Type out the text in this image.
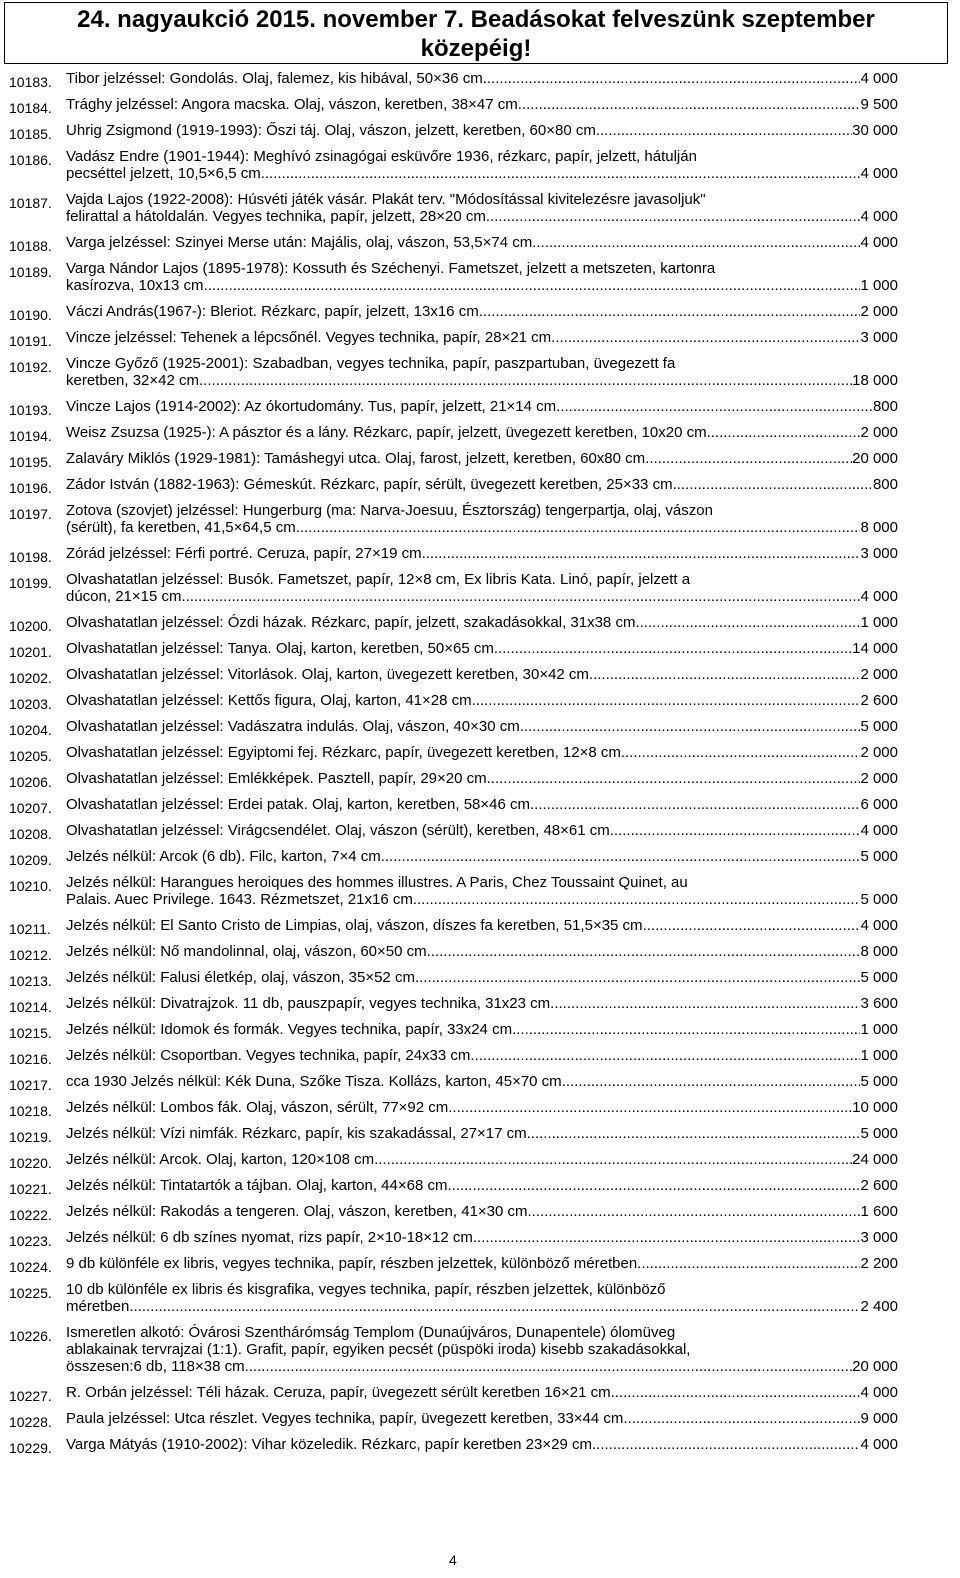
24. nagyaukció 2015. november 7. Beadásokat felveszünk szeptember
közepéig!
10183. Tibor jelzéssel: Gondolás. Olaj, falemez, kis hibával, 50×36 cm .....	4 000
10184. Trághy jelzéssel: Angora macska. Olaj, vászon, keretben, 38×47 cm. .....	9 500
10185. Uhrig Zsigmond (1919-1993): Őszi táj. Olaj, vászon, jelzett, keretben, 60×80 cm .....	30 000
10186. Vadász Endre (1901-1944): Meghívó zsinagógai esküvőre 1936, rézkarc, papír, jelzett, hátulján
pecséttel jelzett, 10,5×6,5 cm .....	4 000
10187. Vajda Lajos (1922-2008): Húsvéti játék vásár. Plakát terv. "Módosítással kivitelezésre javasoljuk"
felirattal a hátoldalán. Vegyes technika, papír, jelzett, 28×20 cm .....	4 000
10188. Varga jelzéssel: Szinyei Merse után: Majális, olaj, vászon, 53,5×74 cm .....	4 000
10189. Varga Nándor Lajos (1895-1978): Kossuth és Széchenyi. Fametszet, jelzett a metszeten, kartonra
kasírozva, 10x13 cm .....	1 000
10190. Váczi András(1967-): Bleriot. Rézkarc, papír, jelzett, 13x16 cm .....	2 000
10191. Vincze jelzéssel: Tehenek a lépcsőnél. Vegyes technika, papír, 28×21 cm .....	3 000
10192. Vincze Győző (1925-2001): Szabadban, vegyes technika, papír, paszpartuban, üvegezett fa
keretben, 32×42 cm .....	18 000
10193. Vincze Lajos (1914-2002): Az ókortudomány. Tus, papír, jelzett, 21×14 cm .....	800
10194. Weisz Zsuzsa (1925-): A pásztor és a lány. Rézkarc, papír, jelzett, üvegezett keretben, 10x20 cm .....	2 000
10195. Zalaváry Miklós (1929-1981): Tamáshegyi utca. Olaj, farost, jelzett, keretben, 60x80 cm .....	20 000
10196. Zádor István (1882-1963): Gémeskút. Rézkarc, papír, sérült, üvegezett keretben, 25×33 cm .....	800
10197. Zotova (szovjet) jelzéssel: Hungerburg (ma: Narva-Joesuu, Észtország) tengerpartja, olaj, vászon
(sérült), fa keretben, 41,5×64,5 cm .....	8 000
10198. Zórád jelzéssel: Férfi portré. Ceruza, papír, 27×19 cm .....	3 000
10199. Olvashatatlan jelzéssel: Busók. Fametszet, papír, 12×8 cm, Ex libris Kata. Linó, papír, jelzett a
dúcon, 21×15 cm .....	4 000
10200. Olvashatatlan jelzéssel: Ózdi házak. Rézkarc, papír, jelzett, szakadásokkal, 31x38 cm .....	1 000
10201. Olvashatatlan jelzéssel: Tanya. Olaj, karton, keretben, 50×65 cm .....	14 000
10202. Olvashatatlan jelzéssel: Vitorlások. Olaj, karton, üvegezett keretben, 30×42 cm .....	2 000
10203. Olvashatatlan jelzéssel: Kettős figura, Olaj, karton, 41×28 cm .....	2 600
10204. Olvashatatlan jelzéssel: Vadászatra indulás. Olaj, vászon, 40×30 cm .....	5 000
10205. Olvashatatlan jelzéssel: Egyiptomi fej. Rézkarc, papír, üvegezett keretben, 12×8 cm .....	2 000
10206. Olvashatatlan jelzéssel: Emlékképek. Pasztell, papír, 29×20 cm .....	2 000
10207. Olvashatatlan jelzéssel: Erdei patak. Olaj, karton, keretben, 58×46 cm .....	6 000
10208. Olvashatatlan jelzéssel: Virágcsendélet. Olaj, vászon (sérült), keretben, 48×61 cm .....	4 000
10209. Jelzés nélkül: Arcok (6 db). Filc, karton, 7×4 cm .....	5 000
10210. Jelzés nélkül: Harangues heroiques des hommes illustres. A Paris, Chez Toussaint Quinet, au
Palais. Auec Privilege. 1643. Rézmetszet, 21x16 cm .....	5 000
10211.	Jelzés nélkül: El Santo Cristo de Limpias, olaj, vászon, díszes fa keretben, 51,5×35 cm .....	4 000
10212. Jelzés nélkül: Nő mandolinnal, olaj, vászon, 60×50 cm .....	8 000
10213. Jelzés nélkül: Falusi életkép, olaj, vászon, 35×52 cm .....	5 000
10214. Jelzés nélkül: Divatrajzok. 11 db, pauszpapír, vegyes technika, 31x23 cm .....	3 600
10215. Jelzés nélkül: Idomok és formák. Vegyes technika, papír, 33x24 cm .....	1 000
10216. Jelzés nélkül: Csoportban. Vegyes technika, papír, 24x33 cm .....	1 000
10217. cca 1930 Jelzés nélkül: Kék Duna, Szőke Tisza. Kollázs, karton, 45×70 cm .....	5 000
10218. Jelzés nélkül: Lombos fák. Olaj, vászon, sérült, 77×92 cm .....	10 000
10219. Jelzés nélkül: Vízi nimfák. Rézkarc, papír, kis szakadással, 27×17 cm .....	5 000
10220. Jelzés nélkül: Arcok. Olaj, karton, 120×108 cm .....	24 000
10221. Jelzés nélkül: Tintatartók a tájban. Olaj, karton, 44×68 cm .....	2 600
10222. Jelzés nélkül: Rakodás a tengeren. Olaj, vászon, keretben, 41×30 cm .....	1 600
10223. Jelzés nélkül: 6 db színes nyomat, rizs papír, 2×10-18×12 cm .....	3 000
10224. 9 db különféle ex libris, vegyes technika, papír, részben jelzettek, különböző méretben .....	2 200
10225. 10 db különféle ex libris és kisgrafika, vegyes technika, papír, részben jelzettek, különböző
méretben .....	2 400
10226. Ismeretlen alkotó: Óvárosi Szenthárómság Templom (Dunaújváros, Dunapentele) ólomüveg
ablakainak tervrajzai (1:1). Grafit, papír, egyiken pecsét (püspöki iroda) kisebb szakadásokkal,
összesen:6 db, 118×38 cm .....	20 000
10227. R. Orbán jelzéssel: Téli házak. Ceruza, papír, üvegezett sérült keretben 16×21 cm .....	4 000
10228. Paula jelzéssel: Utca részlet. Vegyes technika, papír, üvegezett keretben, 33×44 cm .....	9 000
10229. Varga Mátyás (1910-2002): Vihar közeledik. Rézkarc, papír keretben 23×29 cm. .....	4 000
4
